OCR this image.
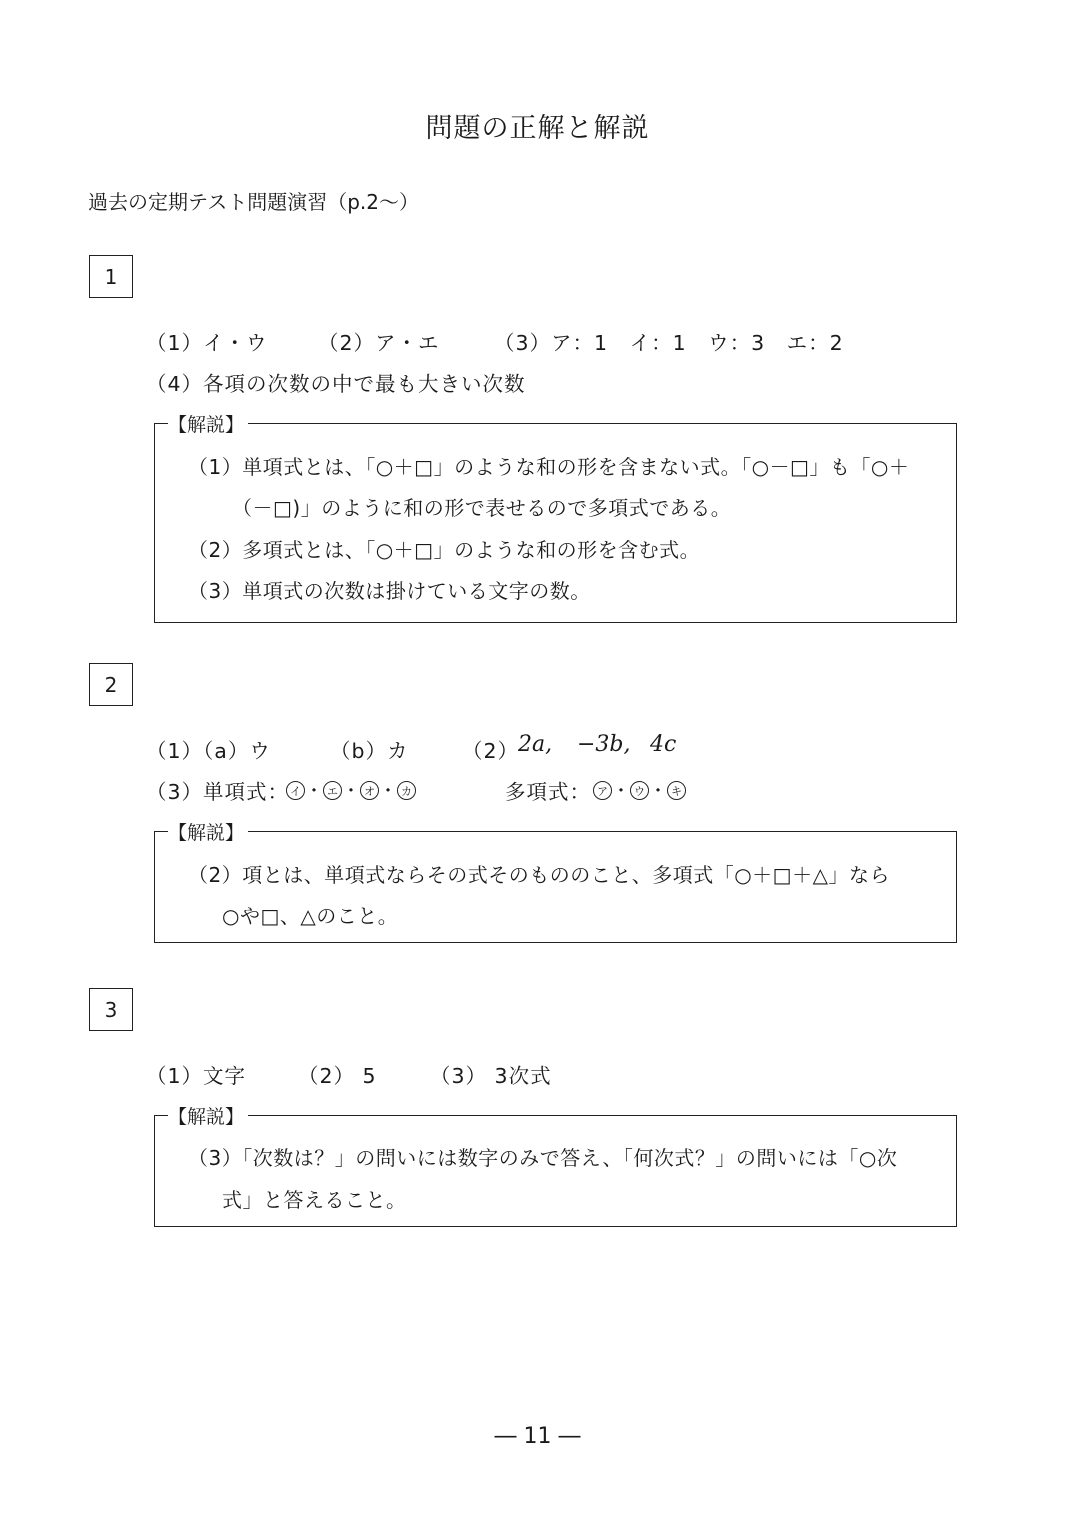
問題の正解と解説
過去の定期テスト問題演習（p.2～）
1
（1）イ・ウ （2）ア・エ	（3）ア：1　イ：1　ウ：3　エ：2
（4）各項の次数の中で最も大きい次数
【解説】
（1）単項式とは、「○＋□」のような和の形を含まない式。「○－□」も「○＋
（－□)」のように和の形で表せるので多項式である。
（2）多項式とは、「○＋□」のような和の形を含む式。
（3）単項式の次数は掛けている文字の数。
2
（1）（a）ウ	（b）カ	（2）
2a, −3b, 4c
（3）単項式： イ ・ エ ・ オ ・ カ	多項式： ア ・ ウ ・ キ
【解説】
（2）項とは、単項式ならその式そのもののこと、多項式「○＋□＋△」なら
○や□、△のこと。
3
（1）文字	（2） 5	（3） 3次式
【解説】
（3）「次数は？」の問いには数字のみで答え、「何次式？」の問いには「○次
式」と答えること。
― 11 ―
